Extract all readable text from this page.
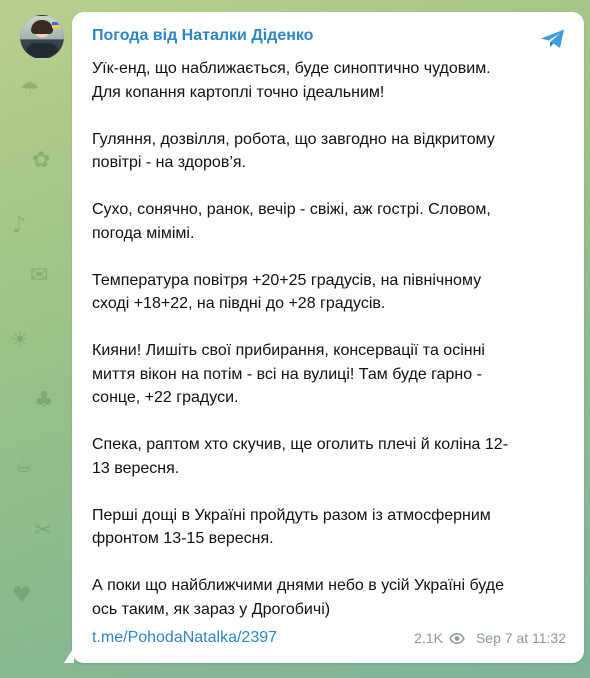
☂
✿
♪
✉
☀
♣
☕
✂
♥
Погода від Наталки Діденко
Уїк-енд, що наближається, буде синоптично чудовим.
Для копання картоплі точно ідеальним!
Гуляння, дозвілля, робота, що завгодно на відкритому
повітрі - на здоров’я.
Сухо, сонячно, ранок, вечір - свіжі, аж гострі. Словом,
погода мімімі.
Температура повітря +20+25 градусів, на північному
сході +18+22, на півдні до +28 градусів.
Кияни! Лишіть свої прибирання, консервації та осінні
миття вікон на потім - всі на вулиці! Там буде гарно -
сонце, +22 градуси.
Спека, раптом хто скучив, ще оголить плечі й коліна 12-
13 вересня.
Перші дощі в Україні пройдуть разом із атмосферним
фронтом 13-15 вересня.
А поки що найближчими днями небо в усій Україні буде
ось таким, як зараз у Дрогобичі)
t.me/PohodaNatalka/2397	2.1K Sep 7 at 11:32
